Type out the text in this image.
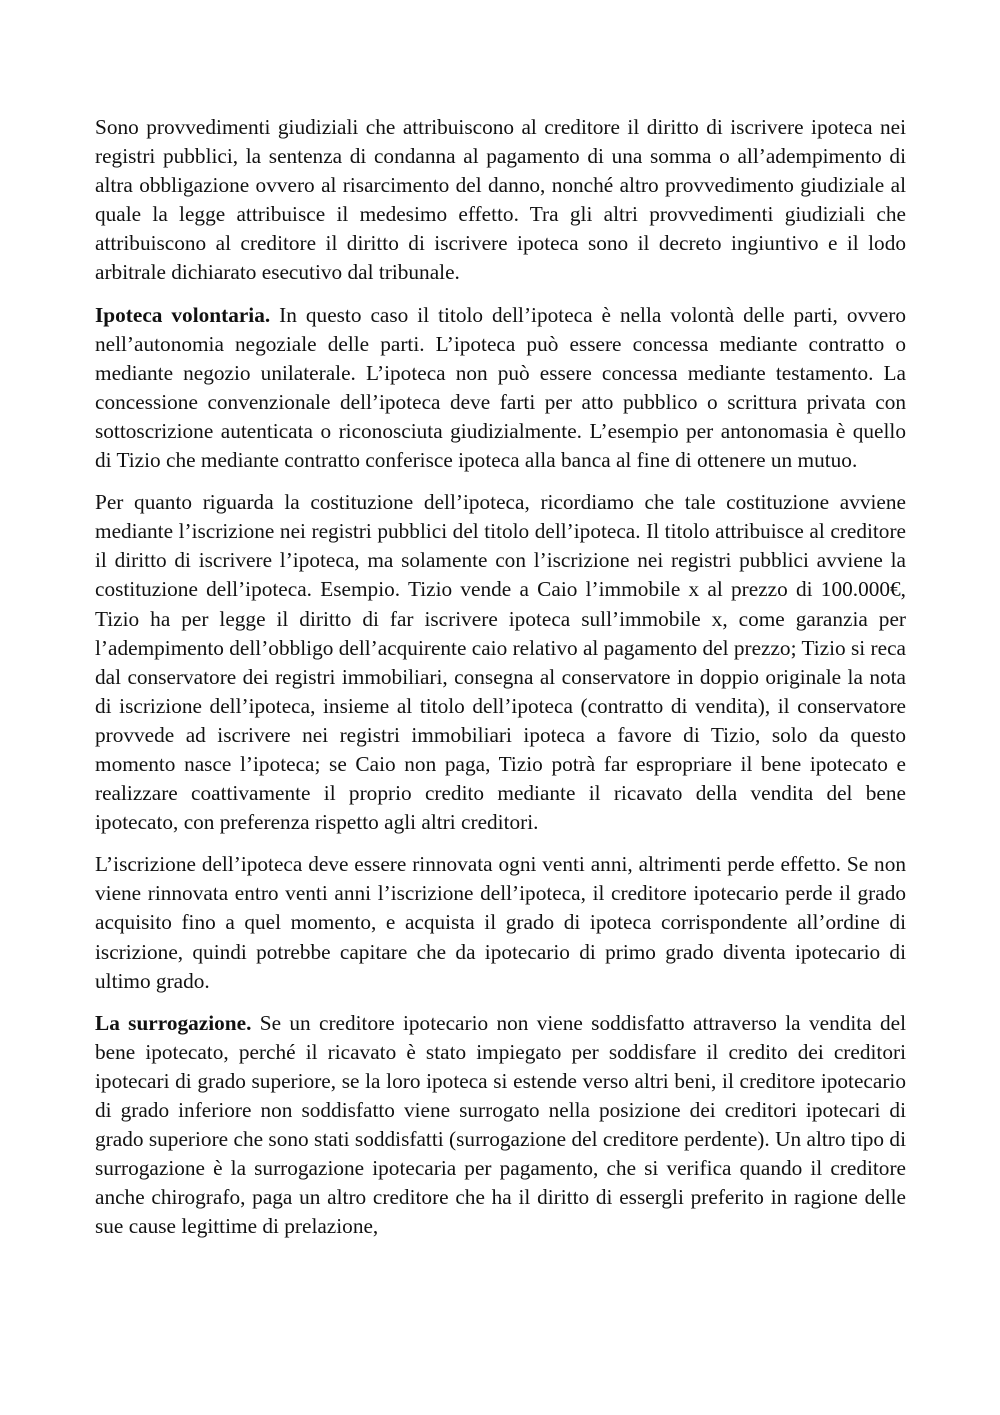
Sono provvedimenti giudiziali che attribuiscono al creditore il diritto di iscrivere ipoteca nei registri pubblici, la sentenza di condanna al pagamento di una somma o all’adempimento di altra obbligazione ovvero al risarcimento del danno, nonché altro provvedimento giudiziale al quale la legge attribuisce il medesimo effetto. Tra gli altri provvedimenti giudiziali che attribuiscono al creditore il diritto di iscrivere ipoteca sono il decreto ingiuntivo e il lodo arbitrale dichiarato esecutivo dal tribunale.

Ipoteca volontaria. In questo caso il titolo dell’ipoteca è nella volontà delle parti, ovvero nell’autonomia negoziale delle parti. L’ipoteca può essere concessa mediante contratto o mediante negozio unilaterale. L’ipoteca non può essere concessa mediante testamento. La concessione convenzionale dell’ipoteca deve farti per atto pubblico o scrittura privata con sottoscrizione autenticata o riconosciuta giudizialmente. L’esempio per antonomasia è quello di Tizio che mediante contratto conferisce ipoteca alla banca al fine di ottenere un mutuo.

Per quanto riguarda la costituzione dell’ipoteca, ricordiamo che tale costituzione avviene mediante l’iscrizione nei registri pubblici del titolo dell’ipoteca. Il titolo attribuisce al creditore il diritto di iscrivere l’ipoteca, ma solamente con l’iscrizione nei registri pubblici avviene la costituzione dell’ipoteca. Esempio. Tizio vende a Caio l’immobile x al prezzo di 100.000€, Tizio ha per legge il diritto di far iscrivere ipoteca sull’immobile x, come garanzia per l’adempimento dell’obbligo dell’acquirente caio relativo al pagamento del prezzo; Tizio si reca dal conservatore dei registri immobiliari, consegna al conservatore in doppio originale la nota di iscrizione dell’ipoteca, insieme al titolo dell’ipoteca (contratto di vendita), il conservatore provvede ad iscrivere nei registri immobiliari ipoteca a favore di Tizio, solo da questo momento nasce l’ipoteca; se Caio non paga, Tizio potrà far espropriare il bene ipotecato e realizzare coattivamente il proprio credito mediante il ricavato della vendita del bene ipotecato, con preferenza rispetto agli altri creditori.

L’iscrizione dell’ipoteca deve essere rinnovata ogni venti anni, altrimenti perde effetto. Se non viene rinnovata entro venti anni l’iscrizione dell’ipoteca, il creditore ipotecario perde il grado acquisito fino a quel momento, e acquista il grado di ipoteca corrispondente all’ordine di iscrizione, quindi potrebbe capitare che da ipotecario di primo grado diventa ipotecario di ultimo grado.

La surrogazione. Se un creditore ipotecario non viene soddisfatto attraverso la vendita del bene ipotecato, perché il ricavato è stato impiegato per soddisfare il credito dei creditori ipotecari di grado superiore, se la loro ipoteca si estende verso altri beni, il creditore ipotecario di grado inferiore non soddisfatto viene surrogato nella posizione dei creditori ipotecari di grado superiore che sono stati soddisfatti (surrogazione del creditore perdente). Un altro tipo di surrogazione è la surrogazione ipotecaria per pagamento, che si verifica quando il creditore anche chirografo, paga un altro creditore che ha il diritto di essergli preferito in ragione delle sue cause legittime di prelazione,
